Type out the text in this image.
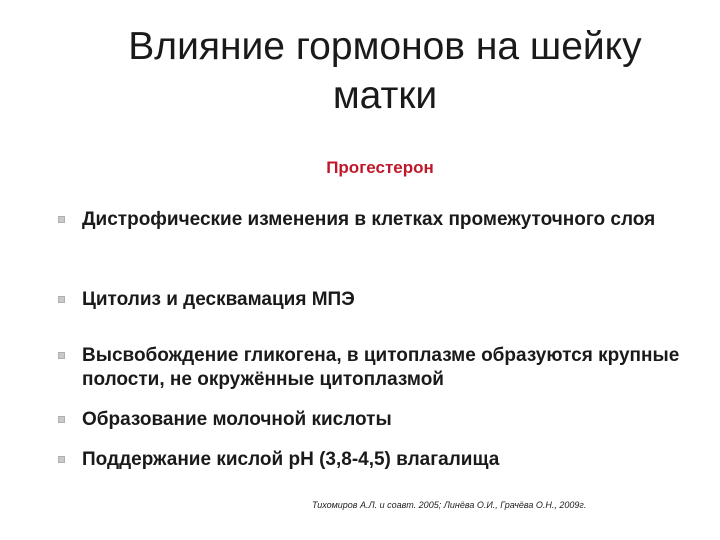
Влияние гормонов на шейку
матки
Прогестерон
Дистрофические изменения в клетках промежуточного слоя
Цитолиз и десквамация МПЭ
Высвобождение гликогена, в цитоплазме образуются крупные полости, не окружённые цитоплазмой
Образование молочной кислоты
Поддержание кислой pH (3,8-4,5) влагалища
Тихомиров А.Л. и соавт. 2005; Линёва О.И., Грачёва О.Н., 2009г.
